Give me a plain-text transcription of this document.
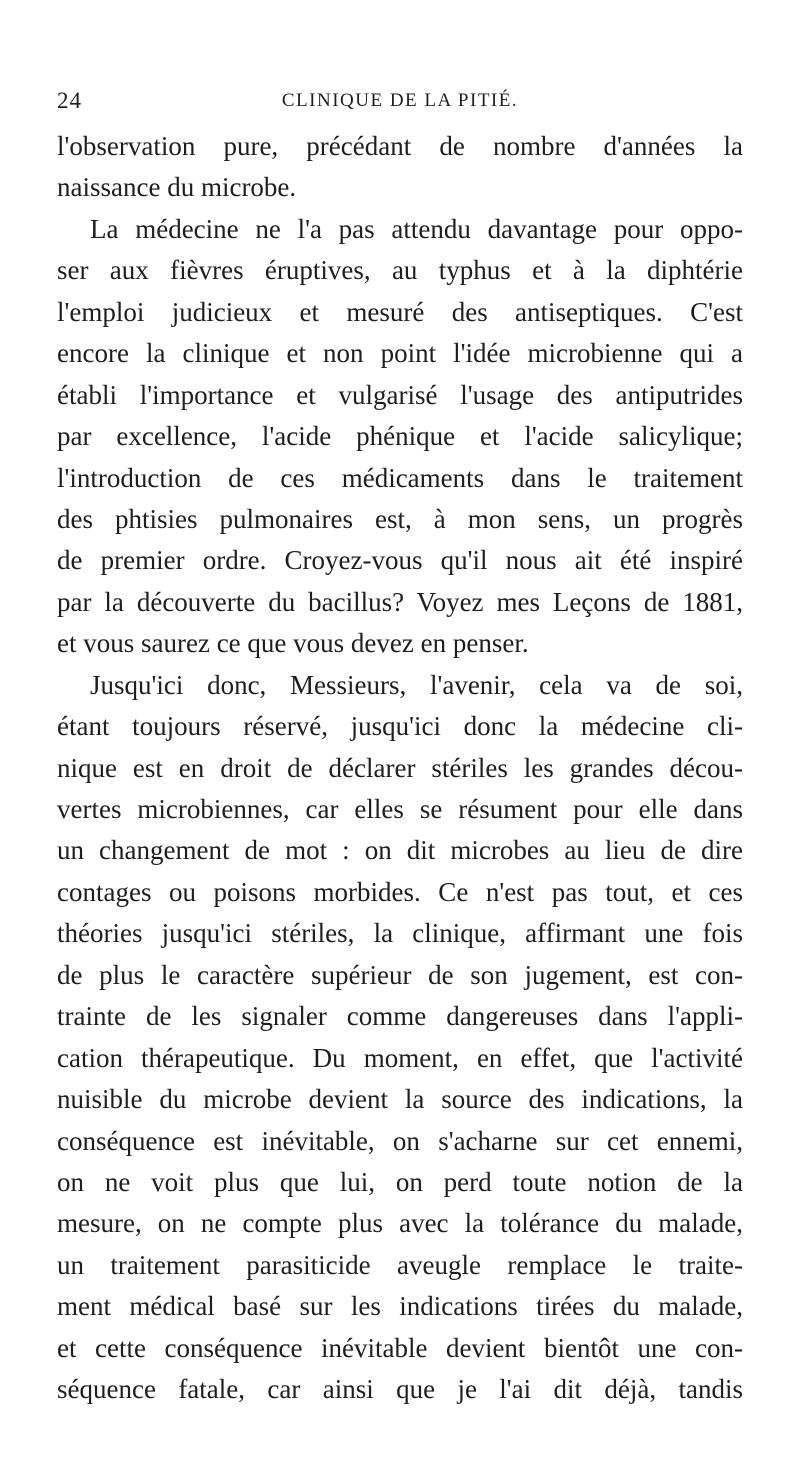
24	CLINIQUE DE LA PITIÉ.
l'observation pure, précédant de nombre d'années la
naissance du microbe.
La médecine ne l'a pas attendu davantage pour oppo-
ser aux fièvres éruptives, au typhus et à la diphtérie
l'emploi judicieux et mesuré des antiseptiques. C'est
encore la clinique et non point l'idée microbienne qui a
établi l'importance et vulgarisé l'usage des antiputrides
par excellence, l'acide phénique et l'acide salicylique;
l'introduction de ces médicaments dans le traitement
des phtisies pulmonaires est, à mon sens, un progrès
de premier ordre. Croyez-vous qu'il nous ait été inspiré
par la découverte du bacillus? Voyez mes Leçons de 1881,
et vous saurez ce que vous devez en penser.
Jusqu'ici donc, Messieurs, l'avenir, cela va de soi,
étant toujours réservé, jusqu'ici donc la médecine cli-
nique est en droit de déclarer stériles les grandes décou-
vertes microbiennes, car elles se résument pour elle dans
un changement de mot : on dit microbes au lieu de dire
contages ou poisons morbides. Ce n'est pas tout, et ces
théories jusqu'ici stériles, la clinique, affirmant une fois
de plus le caractère supérieur de son jugement, est con-
trainte de les signaler comme dangereuses dans l'appli-
cation thérapeutique. Du moment, en effet, que l'activité
nuisible du microbe devient la source des indications, la
conséquence est inévitable, on s'acharne sur cet ennemi,
on ne voit plus que lui, on perd toute notion de la
mesure, on ne compte plus avec la tolérance du malade,
un traitement parasiticide aveugle remplace le traite-
ment médical basé sur les indications tirées du malade,
et cette conséquence inévitable devient bientôt une con-
séquence fatale, car ainsi que je l'ai dit déjà, tandis
